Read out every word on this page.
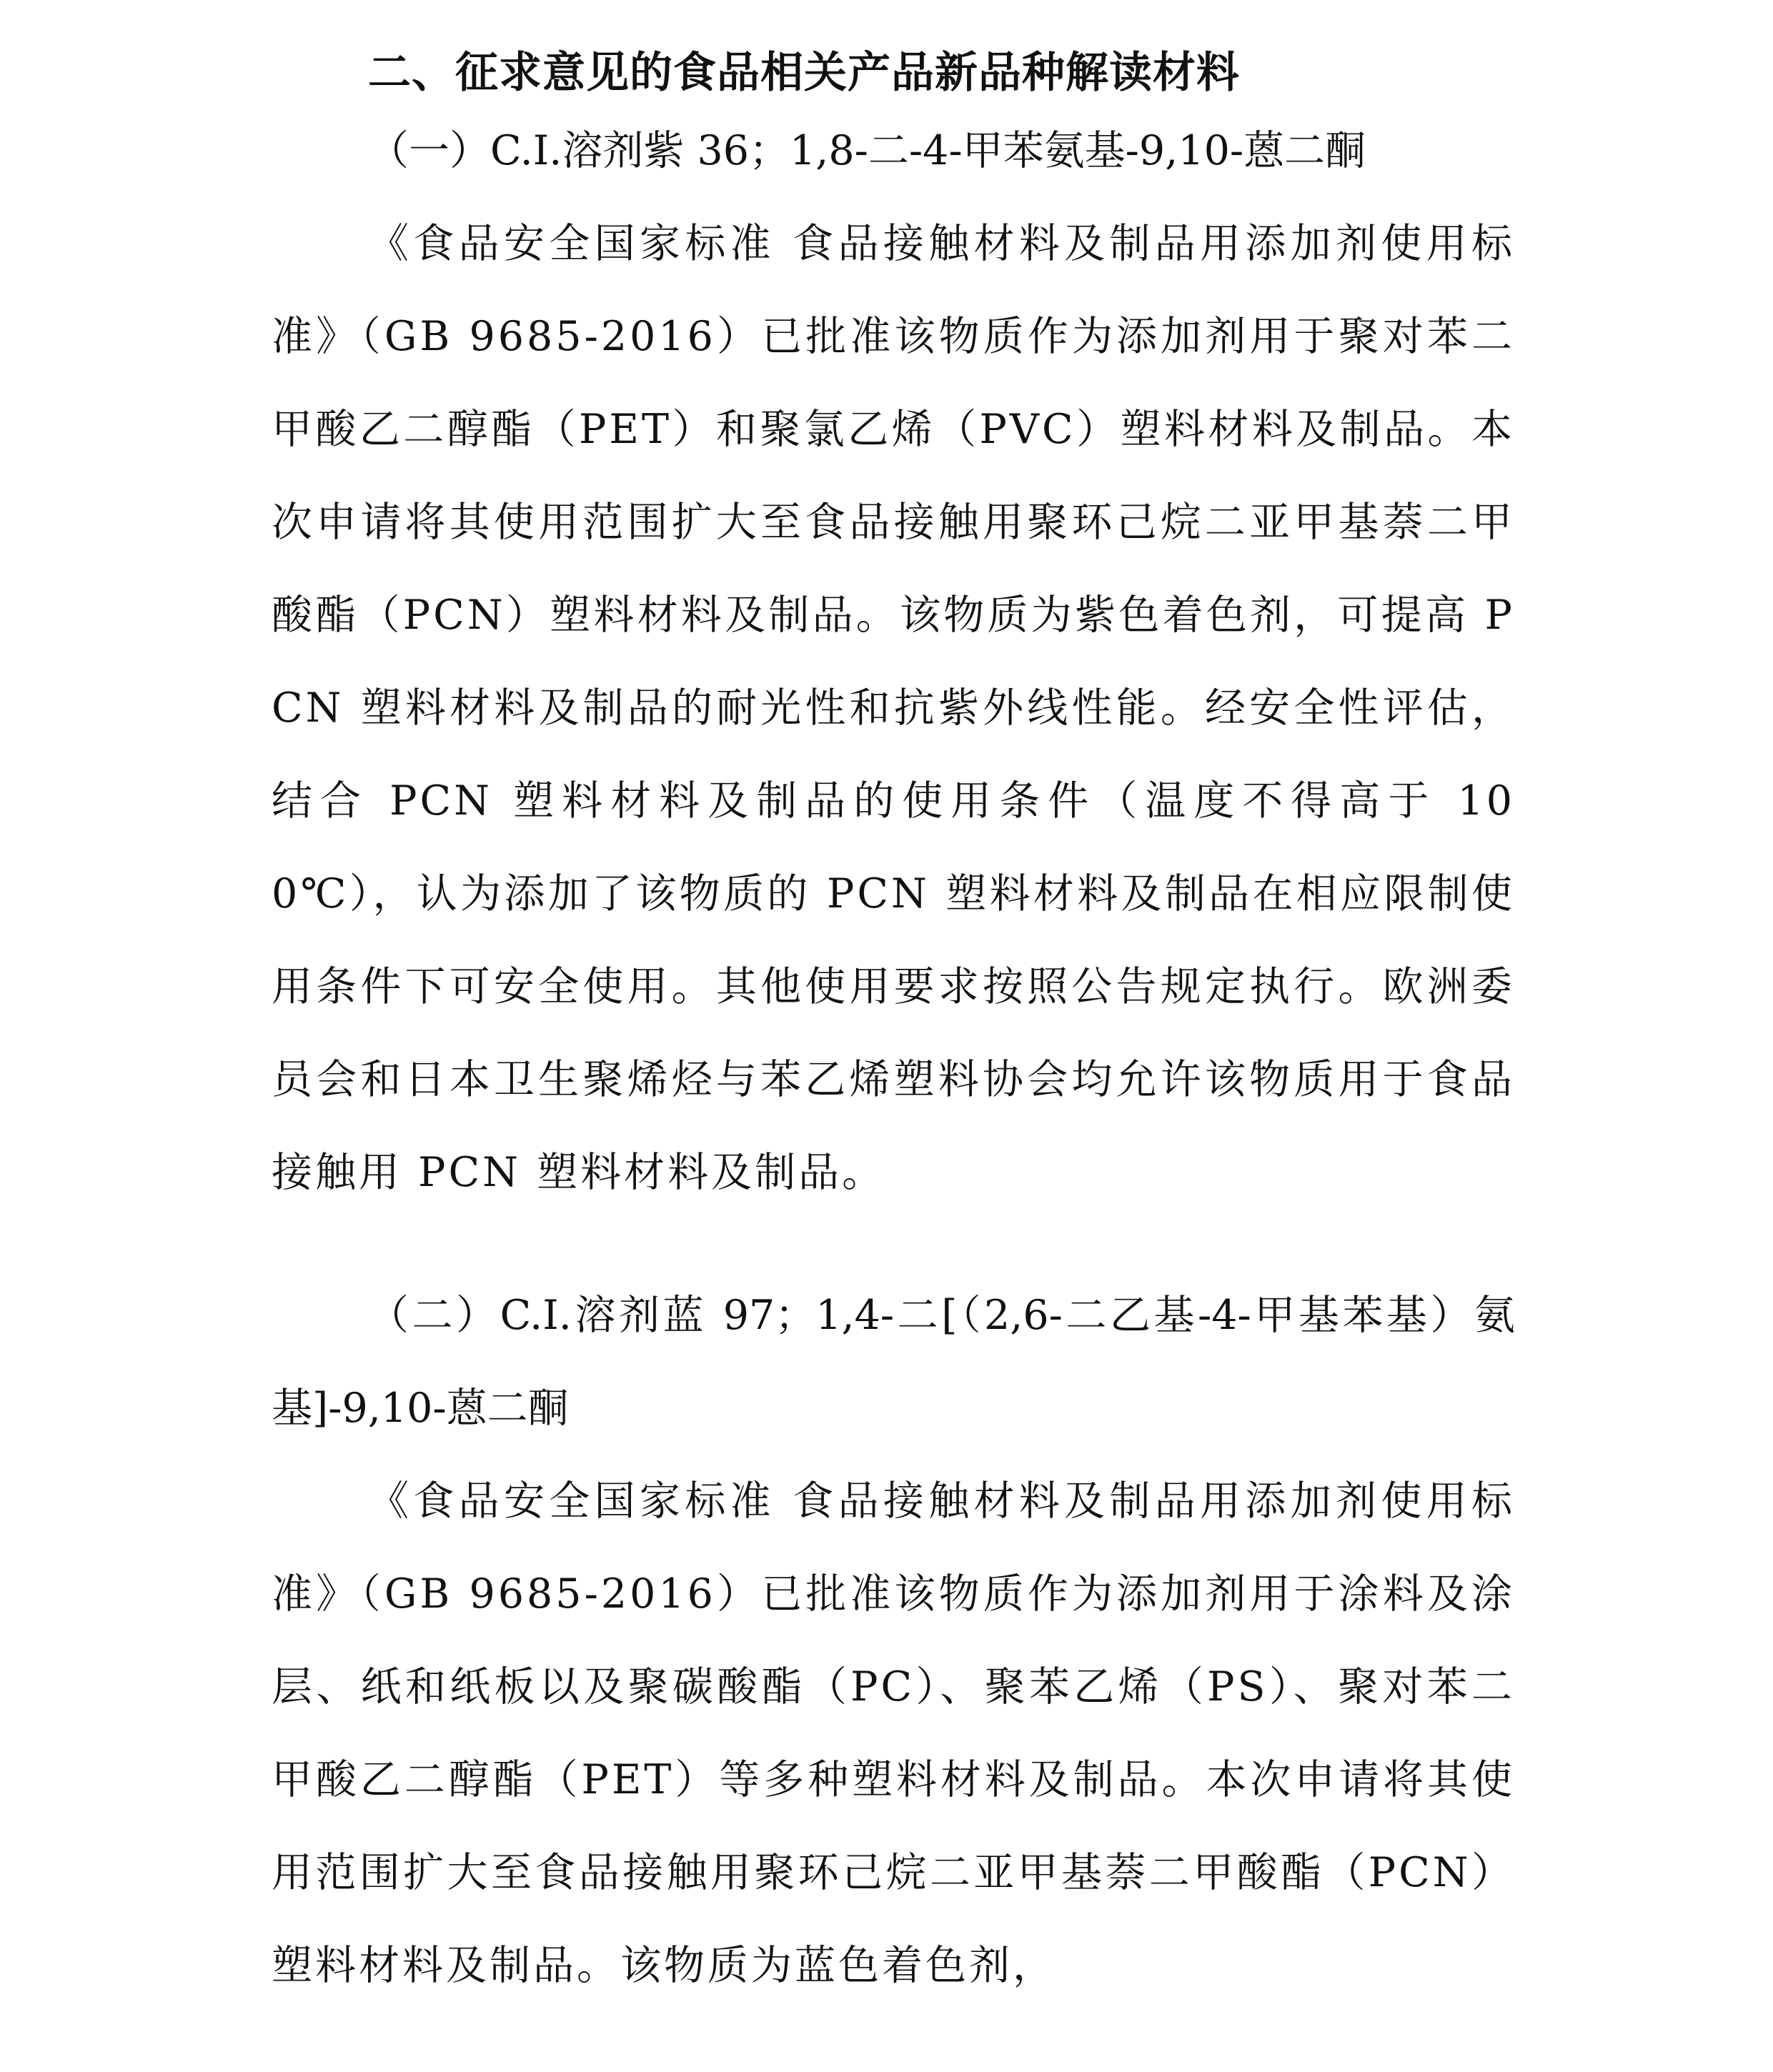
二、征求意见的食品相关产品新品种解读材料

（一）C.I.溶剂紫 36；1,8-二-4-甲苯氨基-9,10-蒽二酮

《食品安全国家标准 食品接触材料及制品用添加剂使用标准》（GB 9685-2016）已批准该物质作为添加剂用于聚对苯二甲酸乙二醇酯（PET）和聚氯乙烯（PVC）塑料材料及制品。本次申请将其使用范围扩大至食品接触用聚环己烷二亚甲基萘二甲酸酯（PCN）塑料材料及制品。该物质为紫色着色剂，可提高 PCN 塑料材料及制品的耐光性和抗紫外线性能。经安全性评估，结合 PCN 塑料材料及制品的使用条件（温度不得高于 100℃），认为添加了该物质的 PCN 塑料材料及制品在相应限制使用条件下可安全使用。其他使用要求按照公告规定执行。欧洲委员会和日本卫生聚烯烃与苯乙烯塑料协会均允许该物质用于食品接触用 PCN 塑料材料及制品。

（二）C.I.溶剂蓝 97；1,4-二[（2,6-二乙基-4-甲基苯基）氨基]-9,10-蒽二酮

《食品安全国家标准 食品接触材料及制品用添加剂使用标准》（GB 9685-2016）已批准该物质作为添加剂用于涂料及涂层、纸和纸板以及聚碳酸酯（PC）、聚苯乙烯（PS）、聚对苯二甲酸乙二醇酯（PET）等多种塑料材料及制品。本次申请将其使用范围扩大至食品接触用聚环己烷二亚甲基萘二甲酸酯（PCN）塑料材料及制品。该物质为蓝色着色剂，
